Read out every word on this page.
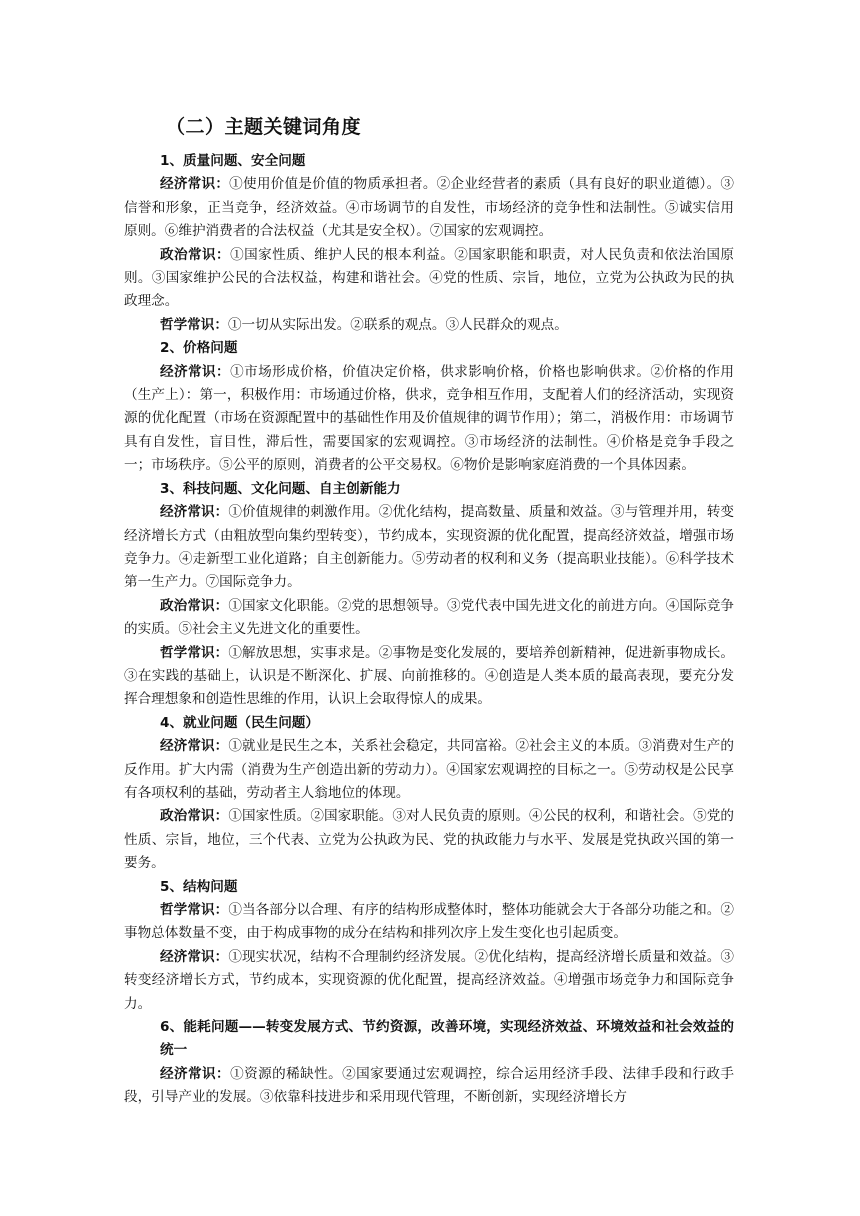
（二）主题关键词角度

1、质量问题、安全问题

经济常识：①使用价值是价值的物质承担者。②企业经营者的素质（具有良好的职业道德）。③信誉和形象，正当竞争，经济效益。④市场调节的自发性，市场经济的竞争性和法制性。⑤诚实信用原则。⑥维护消费者的合法权益（尤其是安全权）。⑦国家的宏观调控。

政治常识：①国家性质、维护人民的根本利益。②国家职能和职责，对人民负责和依法治国原则。③国家维护公民的合法权益，构建和谐社会。④党的性质、宗旨，地位，立党为公执政为民的执政理念。

哲学常识：①一切从实际出发。②联系的观点。③人民群众的观点。

2、价格问题

经济常识：①市场形成价格，价值决定价格，供求影响价格，价格也影响供求。②价格的作用（生产上）：第一，积极作用：市场通过价格，供求，竞争相互作用，支配着人们的经济活动，实现资源的优化配置（市场在资源配置中的基础性作用及价值规律的调节作用）；第二，消极作用：市场调节具有自发性，盲目性，滞后性，需要国家的宏观调控。③市场经济的法制性。④价格是竞争手段之一；市场秩序。⑤公平的原则，消费者的公平交易权。⑥物价是影响家庭消费的一个具体因素。

3、科技问题、文化问题、自主创新能力

经济常识：①价值规律的刺激作用。②优化结构，提高数量、质量和效益。③与管理并用，转变经济增长方式（由粗放型向集约型转变），节约成本，实现资源的优化配置，提高经济效益，增强市场竞争力。④走新型工业化道路；自主创新能力。⑤劳动者的权利和义务（提高职业技能）。⑥科学技术第一生产力。⑦国际竞争力。

政治常识：①国家文化职能。②党的思想领导。③党代表中国先进文化的前进方向。④国际竞争的实质。⑤社会主义先进文化的重要性。

哲学常识：①解放思想，实事求是。②事物是变化发展的，要培养创新精神，促进新事物成长。③在实践的基础上，认识是不断深化、扩展、向前推移的。④创造是人类本质的最高表现，要充分发挥合理想象和创造性思维的作用，认识上会取得惊人的成果。

4、就业问题（民生问题）

经济常识：①就业是民生之本，关系社会稳定，共同富裕。②社会主义的本质。③消费对生产的反作用。扩大内需（消费为生产创造出新的劳动力）。④国家宏观调控的目标之一。⑤劳动权是公民享有各项权利的基础，劳动者主人翁地位的体现。

政治常识：①国家性质。②国家职能。③对人民负责的原则。④公民的权利，和谐社会。⑤党的性质、宗旨，地位，三个代表、立党为公执政为民、党的执政能力与水平、发展是党执政兴国的第一要务。

5、结构问题

哲学常识：①当各部分以合理、有序的结构形成整体时，整体功能就会大于各部分功能之和。②事物总体数量不变，由于构成事物的成分在结构和排列次序上发生变化也引起质变。

经济常识：①现实状况，结构不合理制约经济发展。②优化结构，提高经济增长质量和效益。③转变经济增长方式，节约成本，实现资源的优化配置，提高经济效益。④增强市场竞争力和国际竞争力。

6、能耗问题——转变发展方式、节约资源，改善环境，实现经济效益、环境效益和社会效益的统一

经济常识：①资源的稀缺性。②国家要通过宏观调控，综合运用经济手段、法律手段和行政手段，引导产业的发展。③依靠科技进步和采用现代管理，不断创新，实现经济增长方
